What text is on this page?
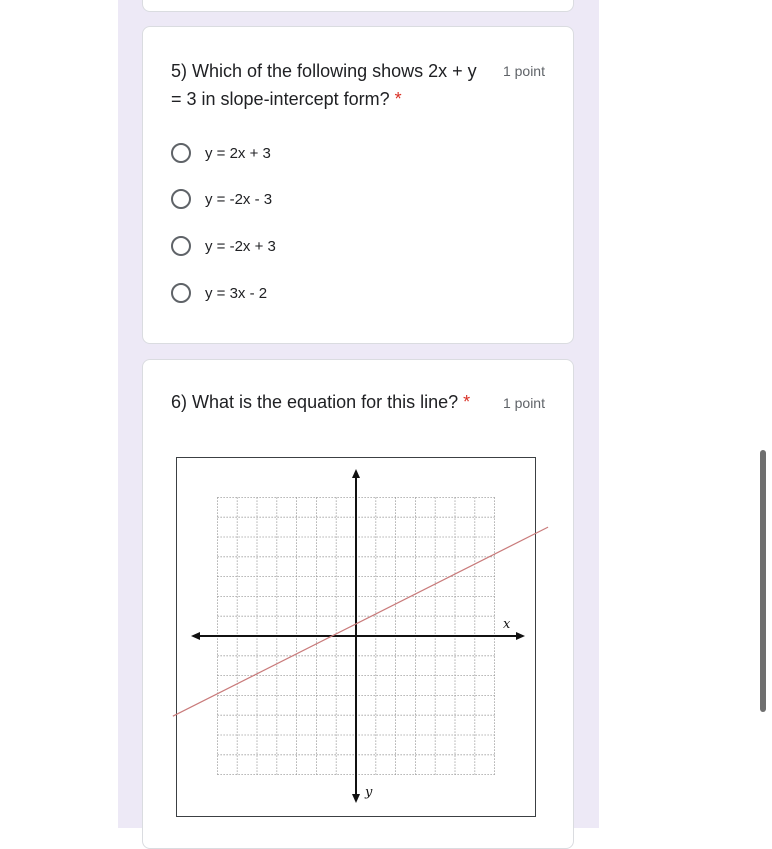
5) Which of the following shows 2x + y
= 3 in slope-intercept form? *
1 point
y = 2x + 3
y = -2x - 3
y = -2x + 3
y = 3x - 2
6) What is the equation for this line? *	1 point
x
y
